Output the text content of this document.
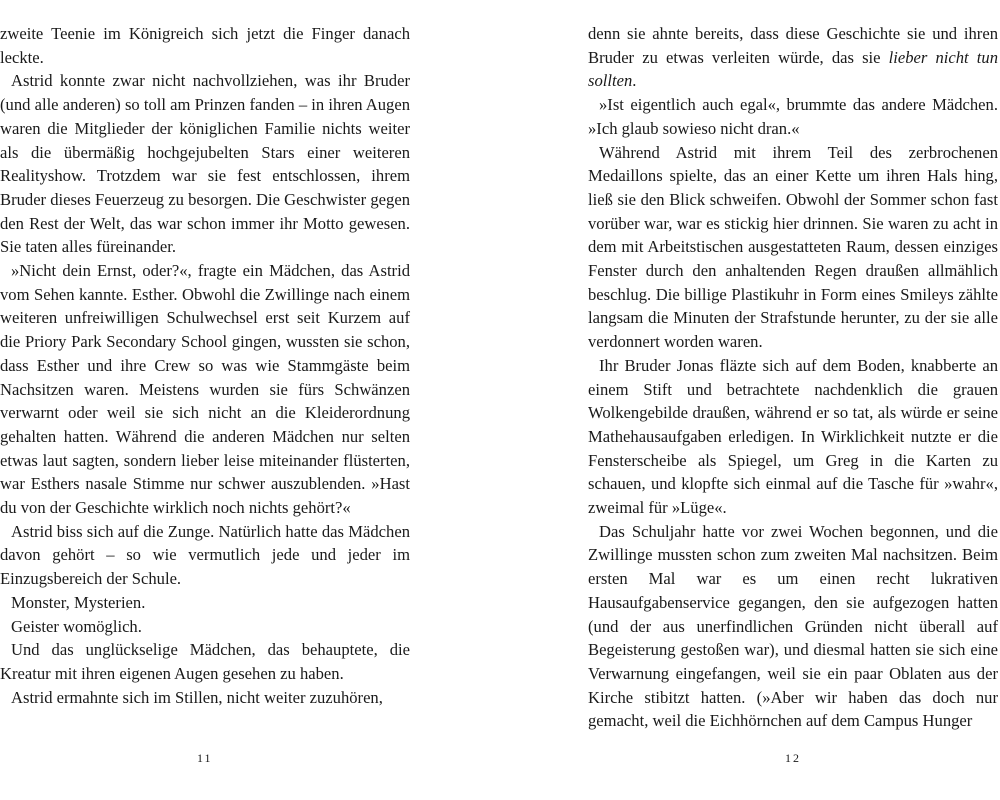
zweite Teenie im Königreich sich jetzt die Finger danach leckte.

Astrid konnte zwar nicht nachvollziehen, was ihr Bruder (und alle anderen) so toll am Prinzen fanden – in ihren Augen waren die Mitglieder der königlichen Familie nichts weiter als die übermäßig hochgejubelten Stars einer weiteren Realityshow. Trotzdem war sie fest entschlossen, ihrem Bruder dieses Feuerzeug zu besorgen. Die Geschwister gegen den Rest der Welt, das war schon immer ihr Motto gewesen. Sie taten alles füreinander.

»Nicht dein Ernst, oder?«, fragte ein Mädchen, das Astrid vom Sehen kannte. Esther. Obwohl die Zwillinge nach einem weiteren unfreiwilligen Schulwechsel erst seit Kurzem auf die Priory Park Secondary School gingen, wussten sie schon, dass Esther und ihre Crew so was wie Stammgäste beim Nachsitzen waren. Meistens wurden sie fürs Schwänzen verwarnt oder weil sie sich nicht an die Kleiderordnung gehalten hatten. Während die anderen Mädchen nur selten etwas laut sagten, sondern lieber leise miteinander flüsterten, war Esthers nasale Stimme nur schwer auszublenden. »Hast du von der Geschichte wirklich noch nichts gehört?«

Astrid biss sich auf die Zunge. Natürlich hatte das Mädchen davon gehört – so wie vermutlich jede und jeder im Einzugsbereich der Schule.

Monster, Mysterien.

Geister womöglich.

Und das unglückselige Mädchen, das behauptete, die Kreatur mit ihren eigenen Augen gesehen zu haben.

Astrid ermahnte sich im Stillen, nicht weiter zuzuhören,

11

denn sie ahnte bereits, dass diese Geschichte sie und ihren Bruder zu etwas verleiten würde, das sie lieber nicht tun sollten.

»Ist eigentlich auch egal«, brummte das andere Mädchen. »Ich glaub sowieso nicht dran.«

Während Astrid mit ihrem Teil des zerbrochenen Medaillons spielte, das an einer Kette um ihren Hals hing, ließ sie den Blick schweifen. Obwohl der Sommer schon fast vorüber war, war es stickig hier drinnen. Sie waren zu acht in dem mit Arbeitstischen ausgestatteten Raum, dessen einziges Fenster durch den anhaltenden Regen draußen allmählich beschlug. Die billige Plastikuhr in Form eines Smileys zählte langsam die Minuten der Strafstunde herunter, zu der sie alle verdonnert worden waren.

Ihr Bruder Jonas fläzte sich auf dem Boden, knabberte an einem Stift und betrachtete nachdenklich die grauen Wolkengebilde draußen, während er so tat, als würde er seine Mathehausaufgaben erledigen. In Wirklichkeit nutzte er die Fensterscheibe als Spiegel, um Greg in die Karten zu schauen, und klopfte sich einmal auf die Tasche für »wahr«, zweimal für »Lüge«.

Das Schuljahr hatte vor zwei Wochen begonnen, und die Zwillinge mussten schon zum zweiten Mal nachsitzen. Beim ersten Mal war es um einen recht lukrativen Hausaufgabenservice gegangen, den sie aufgezogen hatten (und der aus unerfindlichen Gründen nicht überall auf Begeisterung gestoßen war), und diesmal hatten sie sich eine Verwarnung eingefangen, weil sie ein paar Oblaten aus der Kirche stibitzt hatten. (»Aber wir haben das doch nur gemacht, weil die Eichhörnchen auf dem Campus Hunger

12
